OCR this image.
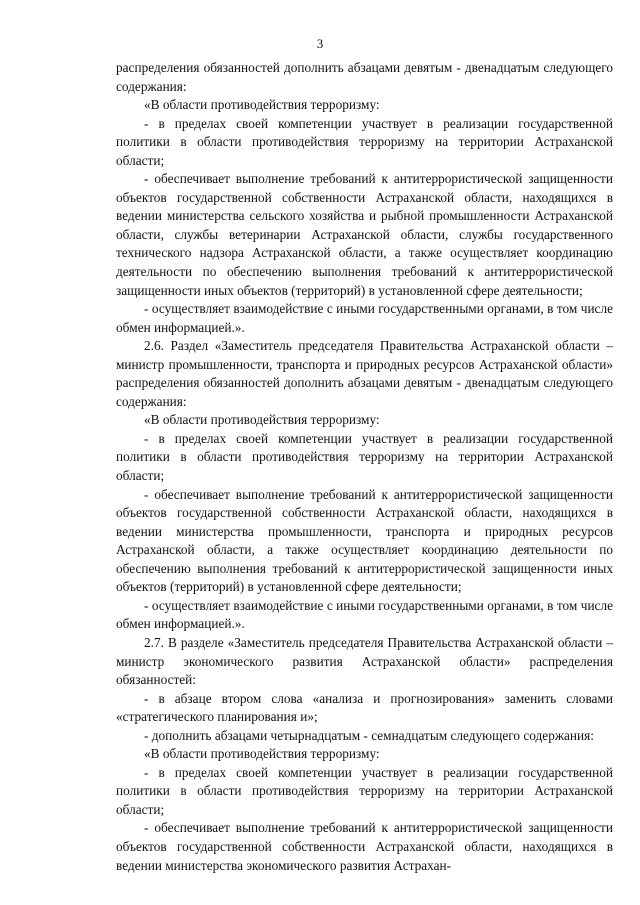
3

распределения обязанностей дополнить абзацами девятым - двенадцатым следующего содержания:

«В области противодействия терроризму:

- в пределах своей компетенции участвует в реализации государственной политики в области противодействия терроризму на территории Астраханской области;

- обеспечивает выполнение требований к антитеррористической защищенности объектов государственной собственности Астраханской области, находящихся в ведении министерства сельского хозяйства и рыбной промышленности Астраханской области, службы ветеринарии Астраханской области, службы государственного технического надзора Астраханской области, а также осуществляет координацию деятельности по обеспечению выполнения требований к антитеррористической защищенности иных объектов (территорий) в установленной сфере деятельности;

- осуществляет взаимодействие с иными государственными органами, в том числе обмен информацией.».

2.6. Раздел «Заместитель председателя Правительства Астраханской области – министр промышленности, транспорта и природных ресурсов Астраханской области» распределения обязанностей дополнить абзацами девятым - двенадцатым следующего содержания:

«В области противодействия терроризму:

- в пределах своей компетенции участвует в реализации государственной политики в области противодействия терроризму на территории Астраханской области;

- обеспечивает выполнение требований к антитеррористической защищенности объектов государственной собственности Астраханской области, находящихся в ведении министерства промышленности, транспорта и природных ресурсов Астраханской области, а также осуществляет координацию деятельности по обеспечению выполнения требований к антитеррористической защищенности иных объектов (территорий) в установленной сфере деятельности;

- осуществляет взаимодействие с иными государственными органами, в том числе обмен информацией.».

2.7. В разделе «Заместитель председателя Правительства Астраханской области – министр экономического развития Астраханской области» распределения обязанностей:

- в абзаце втором слова «анализа и прогнозирования» заменить словами «стратегического планирования и»;

- дополнить абзацами четырнадцатым - семнадцатым следующего содержания:

«В области противодействия терроризму:

- в пределах своей компетенции участвует в реализации государственной политики в области противодействия терроризму на территории Астраханской области;

- обеспечивает выполнение требований к антитеррористической защищенности объектов государственной собственности Астраханской области, находящихся в ведении министерства экономического развития Астрахан-
